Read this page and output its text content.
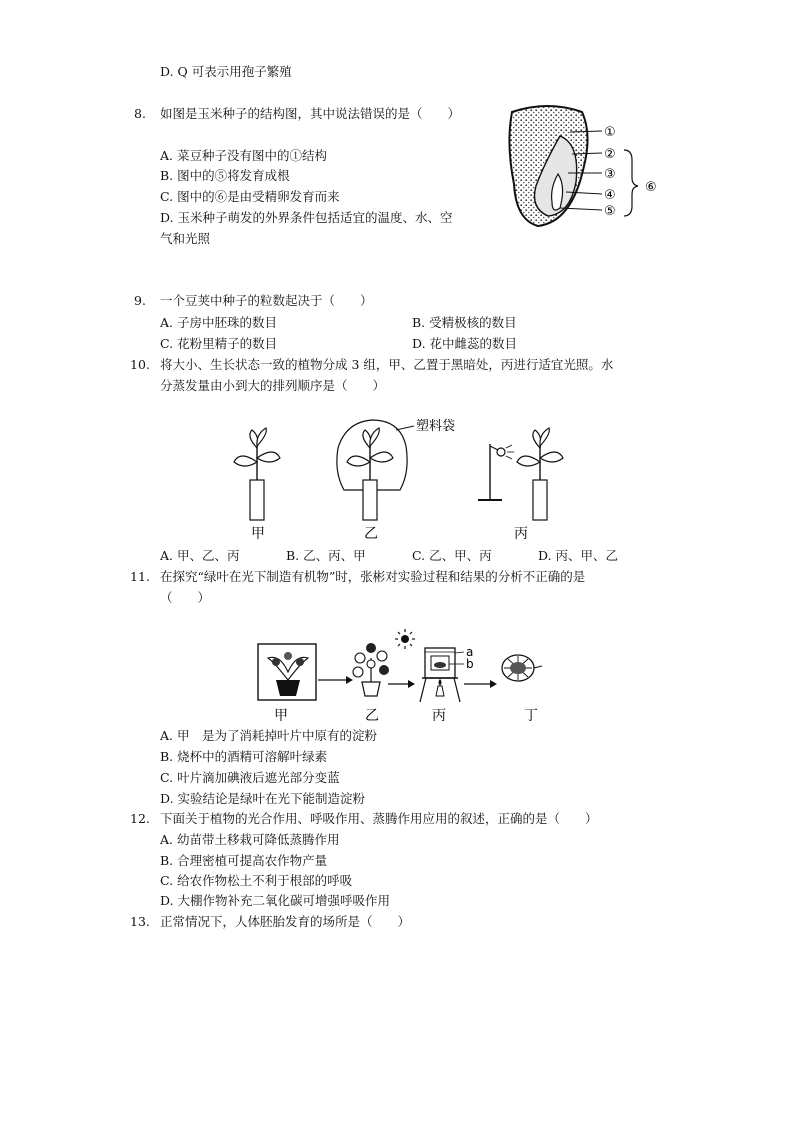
D. Q 可表示用孢子繁殖
8.	如图是玉米种子的结构图，其中说法错误的是（　　）
A. 菜豆种子没有图中的①结构
B. 图中的⑤将发育成根
C. 图中的⑥是由受精卵发育而来
D. 玉米种子萌发的外界条件包括适宜的温度、水、空
气和光照
①
②
③
④
⑤
⑥
9.	一个豆荚中种子的粒数起决于（　　）
A. 子房中胚珠的数目	B. 受精极核的数目
C. 花粉里精子的数目	D. 花中雌蕊的数目
10. 将大小、生长状态一致的植物分成 3 组，甲、乙置于黑暗处，丙进行适宜光照。水
分蒸发量由小到大的排列顺序是（　　）
甲
塑料袋
乙	丙
A. 甲、乙、丙	B. 乙、丙、甲	C. 乙、甲、丙	D. 丙、甲、乙
11. 在探究“绿叶在光下制造有机物”时，张彬对实验过程和结果的分析不正确的是
（　　）
甲	乙
a
b
丙	丁
A. 甲　是为了消耗掉叶片中原有的淀粉
B. 烧杯中的酒精可溶解叶绿素
C. 叶片滴加碘液后遮光部分变蓝
D. 实验结论是绿叶在光下能制造淀粉
12. 下面关于植物的光合作用、呼吸作用、蒸腾作用应用的叙述，正确的是（　　）
A. 幼苗带土移栽可降低蒸腾作用
B. 合理密植可提高农作物产量
C. 给农作物松土不利于根部的呼吸
D. 大棚作物补充二氧化碳可增强呼吸作用
13. 正常情况下，人体胚胎发育的场所是（　　）
